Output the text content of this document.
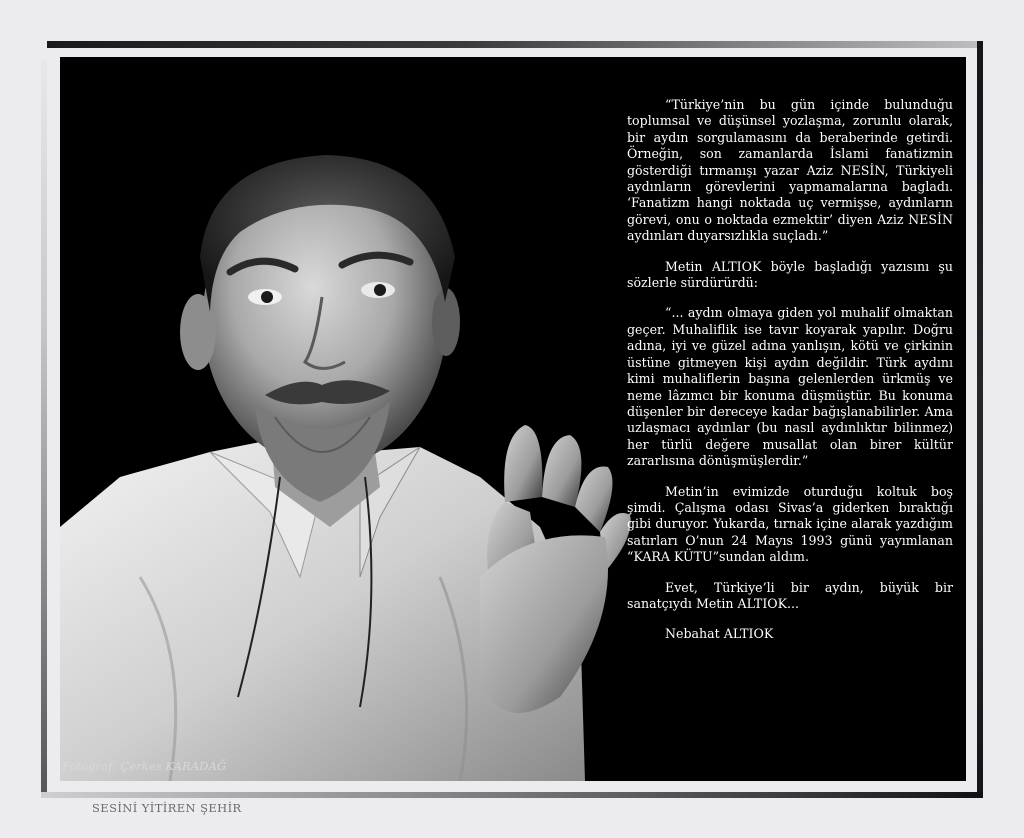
Fotoğraf: Çerkes KARADAĞ

“Türkiye’nin bu gün içinde bulunduğu toplumsal ve düşünsel yozlaşma, zorunlu olarak, bir aydın sorgulamasını da beraberinde getirdi. Örneğin, son zamanlarda İslami fanatizmin gösterdiği tırmanışı yazar Aziz NESİN, Türkiyeli aydınların görevlerini yapmamalarına bagladı. ‘Fanatizm hangi noktada uç vermişse, aydınların görevi, onu o noktada ezmektir’ diyen Aziz NESİN aydınları duyarsızlıkla suçladı.”

Metin ALTIOK böyle başladığı yazısını şu sözlerle sürdürürdü:

“... aydın olmaya giden yol muhalif olmaktan geçer. Muhaliflik ise tavır koyarak yapılır. Doğru adına, iyi ve güzel adına yanlışın, kötü ve çirkinin üstüne gitmeyen kişi aydın değildir. Türk aydını kimi muhaliflerin başına gelenlerden ürkmüş ve neme lâzımcı bir konuma düşmüştür. Bu konuma düşenler bir dereceye kadar bağışlanabilirler. Ama uzlaşmacı aydınlar (bu nasıl aydınlıktır bilinmez) her türlü değere musallat olan birer kültür zararlısına dönüşmüşlerdir.”

Metin’in evimizde oturduğu koltuk boş şimdi. Çalışma odası Sivas’a giderken bıraktığı gibi duruyor. Yukarda, tırnak içine alarak yazdığım satırları O’nun 24 Mayıs 1993 günü yayımlanan “KARA KÜTU”sundan aldım.

Evet, Türkiye’li bir aydın, büyük bir sanatçıydı Metin ALTIOK...

Nebahat ALTIOK

SESİNİ YİTİREN ŞEHİR
